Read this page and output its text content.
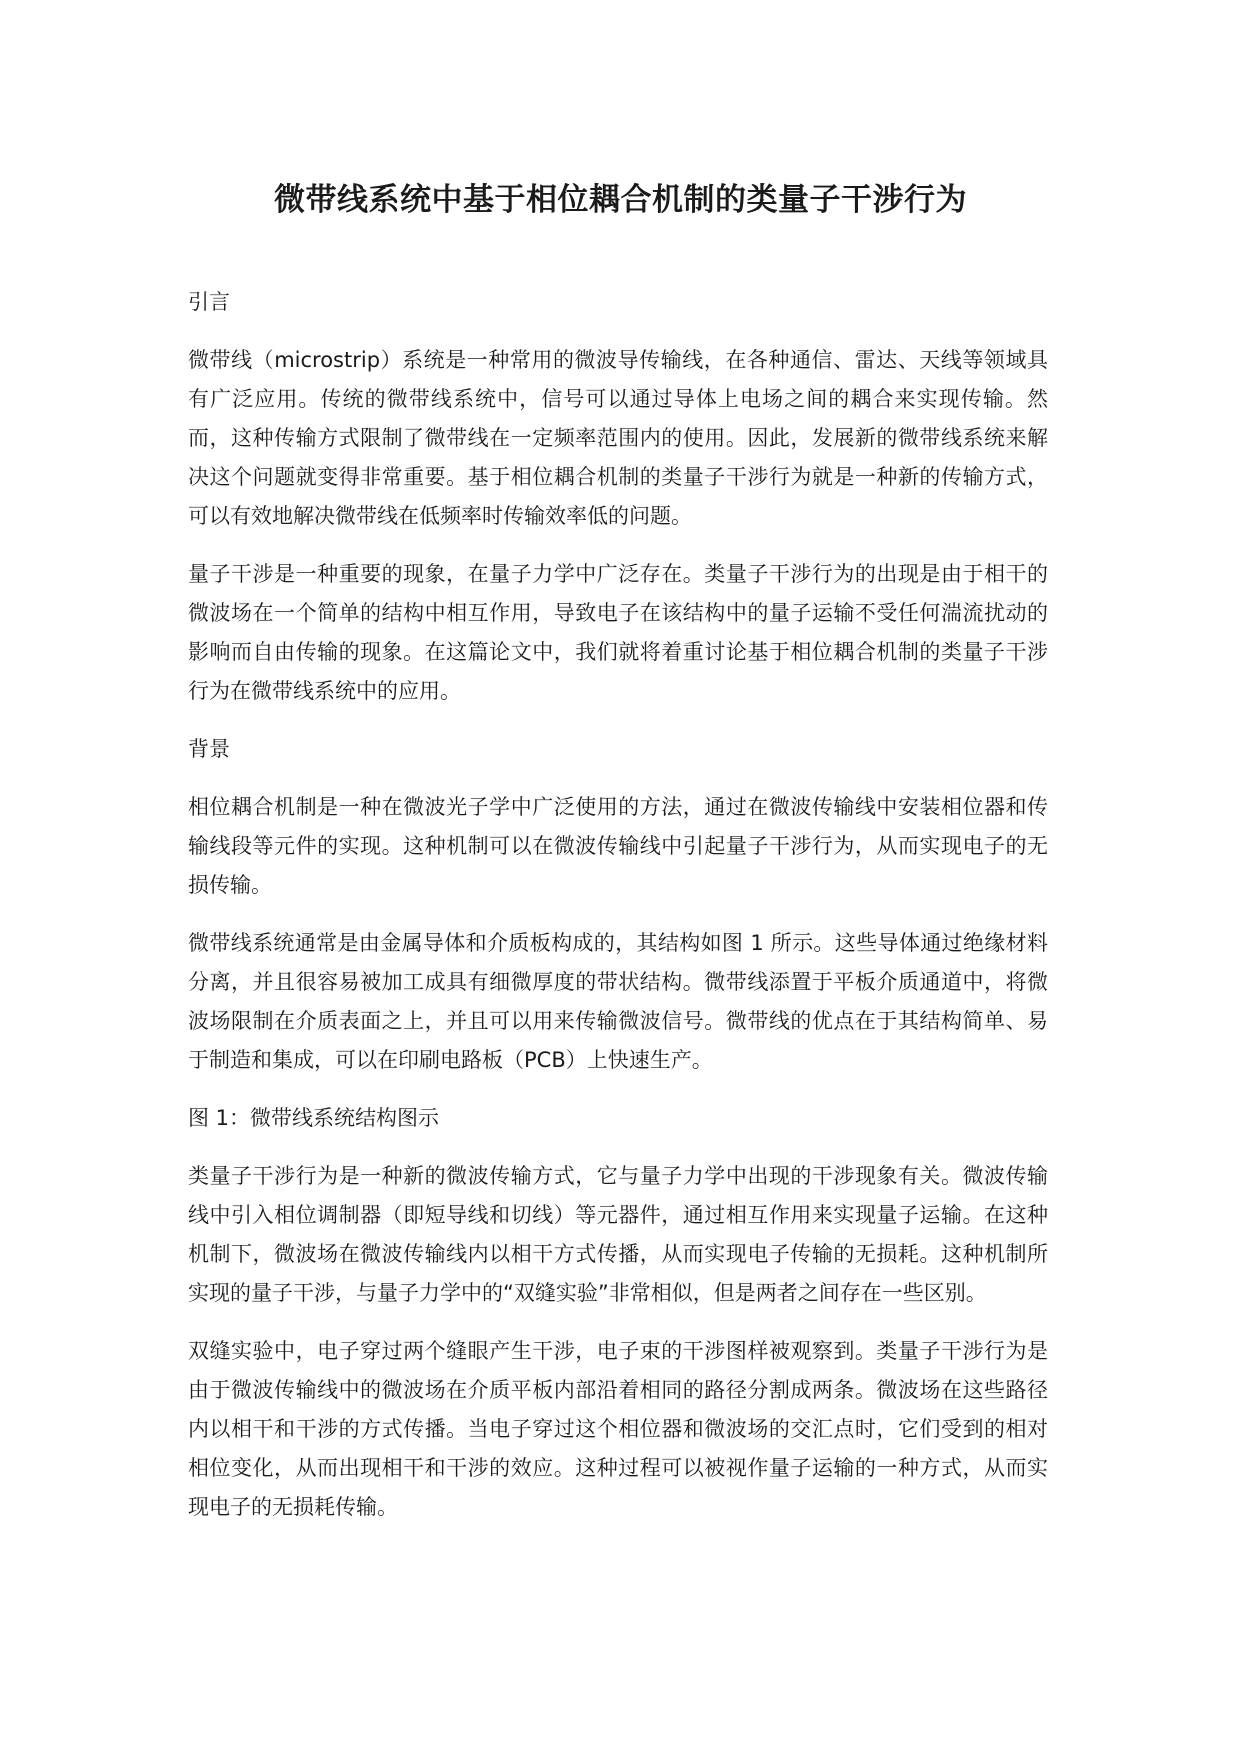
微带线系统中基于相位耦合机制的类量子干涉行为

引言

微带线（microstrip）系统是一种常用的微波导传输线，在各种通信、雷达、天线等领域具有广泛应用。传统的微带线系统中，信号可以通过导体上电场之间的耦合来实现传输。然而，这种传输方式限制了微带线在一定频率范围内的使用。因此，发展新的微带线系统来解决这个问题就变得非常重要。基于相位耦合机制的类量子干涉行为就是一种新的传输方式，可以有效地解决微带线在低频率时传输效率低的问题。

量子干涉是一种重要的现象，在量子力学中广泛存在。类量子干涉行为的出现是由于相干的微波场在一个简单的结构中相互作用，导致电子在该结构中的量子运输不受任何湍流扰动的影响而自由传输的现象。在这篇论文中，我们就将着重讨论基于相位耦合机制的类量子干涉行为在微带线系统中的应用。

背景

相位耦合机制是一种在微波光子学中广泛使用的方法，通过在微波传输线中安装相位器和传输线段等元件的实现。这种机制可以在微波传输线中引起量子干涉行为，从而实现电子的无损传输。

微带线系统通常是由金属导体和介质板构成的，其结构如图 1 所示。这些导体通过绝缘材料分离，并且很容易被加工成具有细微厚度的带状结构。微带线添置于平板介质通道中，将微波场限制在介质表面之上，并且可以用来传输微波信号。微带线的优点在于其结构简单、易于制造和集成，可以在印刷电路板（PCB）上快速生产。

图 1：微带线系统结构图示

类量子干涉行为是一种新的微波传输方式，它与量子力学中出现的干涉现象有关。微波传输线中引入相位调制器（即短导线和切线）等元器件，通过相互作用来实现量子运输。在这种机制下，微波场在微波传输线内以相干方式传播，从而实现电子传输的无损耗。这种机制所实现的量子干涉，与量子力学中的“双缝实验”非常相似，但是两者之间存在一些区别。

双缝实验中，电子穿过两个缝眼产生干涉，电子束的干涉图样被观察到。类量子干涉行为是由于微波传输线中的微波场在介质平板内部沿着相同的路径分割成两条。微波场在这些路径内以相干和干涉的方式传播。当电子穿过这个相位器和微波场的交汇点时，它们受到的相对相位变化，从而出现相干和干涉的效应。这种过程可以被视作量子运输的一种方式，从而实现电子的无损耗传输。
